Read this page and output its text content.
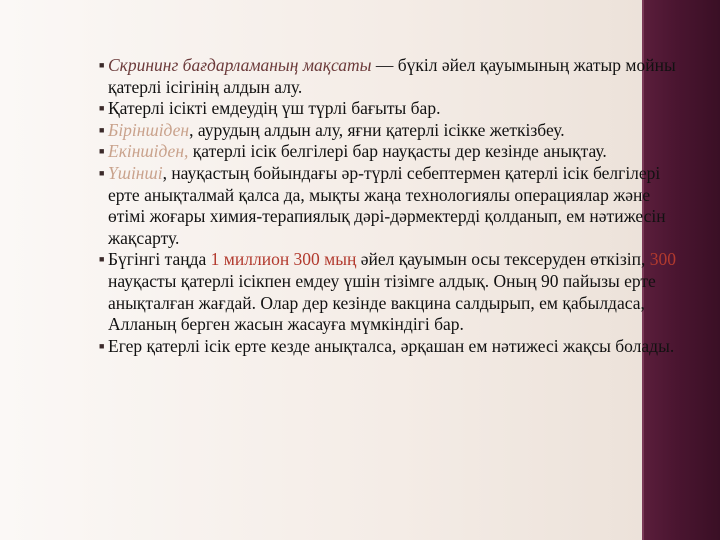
■ Скрининг бағдарламаның мақсаты — бүкіл әйел қауымының жатыр мойны қатерлі ісігінің алдын алу.

■ Қатерлі ісікті емдеудің үш түрлі бағыты бар.

■ Біріншіден, аурудың алдын алу, яғни қатерлі ісікке жеткізбеу.

■ Екіншіден, қатерлі ісік белгілері бар науқасты дер кезінде анықтау.

■ Үшінші, науқастың бойындағы әр-түрлі себептермен қатерлі ісік белгілері ерте анықталмай қалса да, мықты жаңа технологиялы операциялар және өтімі жоғары химия-терапиялық дәрі-дәрмектерді қолданып, ем нәтижесін жақсарту.

■ Бүгінгі таңда 1 миллион 300 мың әйел қауымын осы тексеруден өткізіп, 300 науқасты қатерлі ісікпен емдеу үшін тізімге алдық. Оның 90 пайызы ерте анықталған жағдай. Олар дер кезінде вакцина салдырып, ем қабылдаса, Алланың берген жасын жасауға мүмкіндігі бар.

■ Егер қатерлі ісік ерте кезде анықталса, әрқашан ем нәтижесі жақсы болады.
